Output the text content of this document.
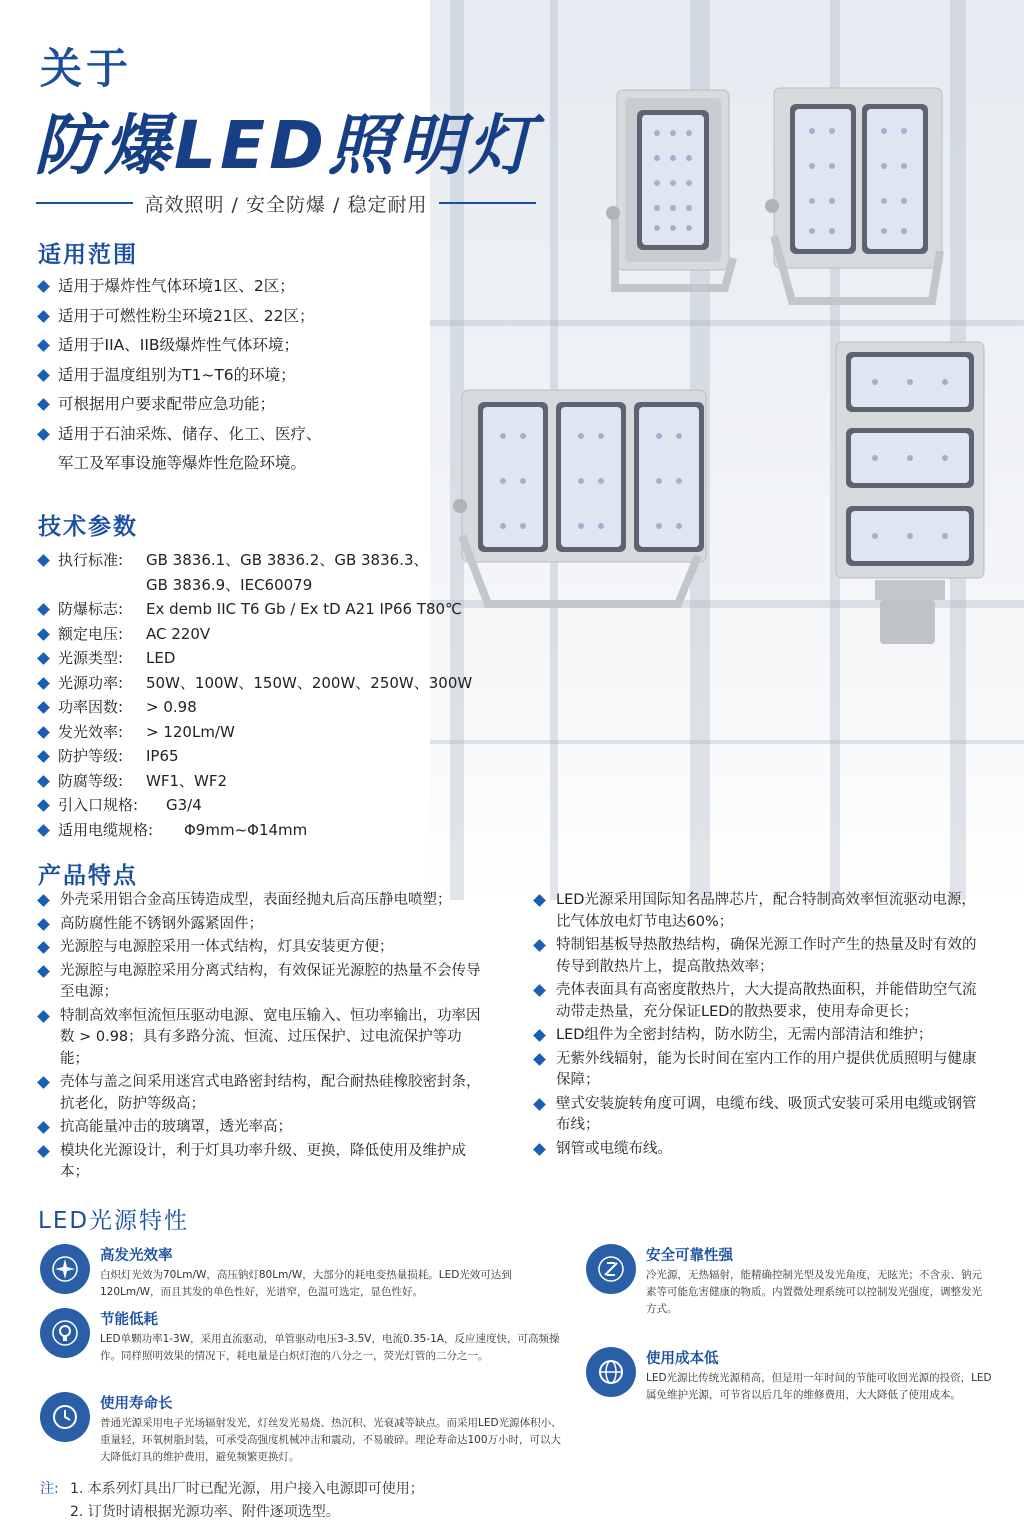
关于
防爆LED照明灯
高效照明 / 安全防爆 / 稳定耐用
适用范围
适用于爆炸性气体环境1区、2区；
适用于可燃性粉尘环境21区、22区；
适用于IIA、IIB级爆炸性气体环境；
适用于温度组别为T1~T6的环境；
可根据用户要求配带应急功能；
适用于石油采炼、储存、化工、医疗、
军工及军事设施等爆炸性危险环境。
技术参数
执行标准:	GB 3836.1、GB 3836.2、GB 3836.3、
GB 3836.9、IEC60079
防爆标志:	Ex demb IIC T6 Gb / Ex tD A21 IP66 T80℃
额定电压:	AC 220V
光源类型:	LED
光源功率:	50W、100W、150W、200W、250W、300W
功率因数:	> 0.98
发光效率:	> 120Lm/W
防护等级:	IP65
防腐等级:	WF1、WF2
引入口规格:	G3/4
适用电缆规格:	Φ9mm~Φ14mm
产品特点
外壳采用铝合金高压铸造成型，表面经抛丸后高压静电喷塑；
高防腐性能不锈钢外露紧固件；
光源腔与电源腔采用一体式结构，灯具安装更方便；
光源腔与电源腔采用分离式结构，有效保证光源腔的热量不会传导至电源；
特制高效率恒流恒压驱动电源、宽电压输入、恒功率输出，功率因数 > 0.98；具有多路分流、恒流、过压保护、过电流保护等功能；
壳体与盖之间采用迷宫式电路密封结构，配合耐热硅橡胶密封条，抗老化，防护等级高；
抗高能量冲击的玻璃罩，透光率高；
模块化光源设计，利于灯具功率升级、更换，降低使用及维护成本；
LED光源采用国际知名品牌芯片，配合特制高效率恒流驱动电源，比气体放电灯节电达60%；
特制铝基板导热散热结构，确保光源工作时产生的热量及时有效的传导到散热片上，提高散热效率；
壳体表面具有高密度散热片，大大提高散热面积，并能借助空气流动带走热量，充分保证LED的散热要求，使用寿命更长；
LED组件为全密封结构，防水防尘，无需内部清洁和维护；
无紫外线辐射，能为长时间在室内工作的用户提供优质照明与健康保障；
壁式安装旋转角度可调，电缆布线、吸顶式安装可采用电缆或钢管布线；
钢管或电缆布线。
LED光源特性
高发光效率
白炽灯光效为70Lm/W，高压钠灯80Lm/W，大部分的耗电变热量损耗。LED光效可达到120Lm/W，而且其发的单色性好，光谱窄，色温可选定，显色性好。
节能低耗
LED单颗功率1-3W，采用直流驱动，单管驱动电压3-3.5V，电流0.35-1A，反应速度快，可高频操作。同样照明效果的情况下，耗电量是白炽灯泡的八分之一，荧光灯管的二分之一。
使用寿命长
普通光源采用电子光场辐射发光，灯丝发光易烧、热沉积、光衰减等缺点。而采用LED光源体积小、重量轻，环氧树脂封装，可承受高强度机械冲击和震动，不易破碎。理论寿命达100万小时，可以大大降低灯具的维护费用，避免频繁更换灯。
安全可靠性强
冷光源，无热辐射，能精确控制光型及发光角度，无眩光；不含汞、钠元素等可能危害健康的物质。内置微处理系统可以控制发光强度，调整发光方式。
使用成本低
LED光源比传统光源稍高，但是用一年时间的节能可收回光源的投资，LED属免维护光源，可节省以后几年的维修费用，大大降低了使用成本。
注: 1. 本系列灯具出厂时已配光源，用户接入电源即可使用；
2. 订货时请根据光源功率、附件逐项选型。
